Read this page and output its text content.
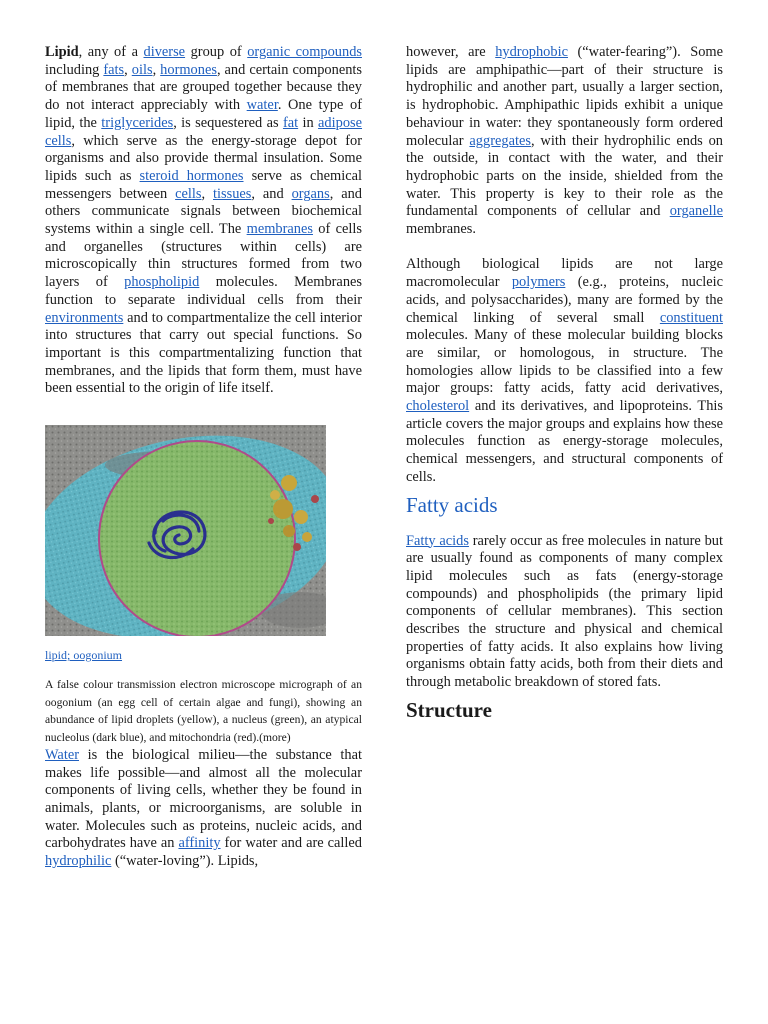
Lipid, any of a diverse group of organic compounds including fats, oils, hormones, and certain components of membranes that are grouped together because they do not interact appreciably with water. One type of lipid, the triglycerides, is sequestered as fat in adipose cells, which serve as the energy-storage depot for organisms and also provide thermal insulation. Some lipids such as steroid hormones serve as chemical messengers between cells, tissues, and organs, and others communicate signals between biochemical systems within a single cell. The membranes of cells and organelles (structures within cells) are microscopically thin structures formed from two layers of phospholipid molecules. Membranes function to separate individual cells from their environments and to compartmentalize the cell interior into structures that carry out special functions. So important is this compartmentalizing function that membranes, and the lipids that form them, must have been essential to the origin of life itself.

lipid; oogonium

A false colour transmission electron microscope micrograph of an oogonium (an egg cell of certain algae and fungi), showing an abundance of lipid droplets (yellow), a nucleus (green), an atypical nucleolus (dark blue), and mitochondria (red).(more)

Water is the biological milieu—the substance that makes life possible—and almost all the molecular components of living cells, whether they be found in animals, plants, or microorganisms, are soluble in water. Molecules such as proteins, nucleic acids, and carbohydrates have an affinity for water and are called hydrophilic (“water-loving”). Lipids,

however, are hydrophobic (“water-fearing”). Some lipids are amphipathic—part of their structure is hydrophilic and another part, usually a larger section, is hydrophobic. Amphipathic lipids exhibit a unique behaviour in water: they spontaneously form ordered molecular aggregates, with their hydrophilic ends on the outside, in contact with the water, and their hydrophobic parts on the inside, shielded from the water. This property is key to their role as the fundamental components of cellular and organelle membranes.

Although biological lipids are not large macromolecular polymers (e.g., proteins, nucleic acids, and polysaccharides), many are formed by the chemical linking of several small constituent molecules. Many of these molecular building blocks are similar, or homologous, in structure. The homologies allow lipids to be classified into a few major groups: fatty acids, fatty acid derivatives, cholesterol and its derivatives, and lipoproteins. This article covers the major groups and explains how these molecules function as energy-storage molecules, chemical messengers, and structural components of cells.

Fatty acids

Fatty acids rarely occur as free molecules in nature but are usually found as components of many complex lipid molecules such as fats (energy-storage compounds) and phospholipids (the primary lipid components of cellular membranes). This section describes the structure and physical and chemical properties of fatty acids. It also explains how living organisms obtain fatty acids, both from their diets and through metabolic breakdown of stored fats.

Structure
